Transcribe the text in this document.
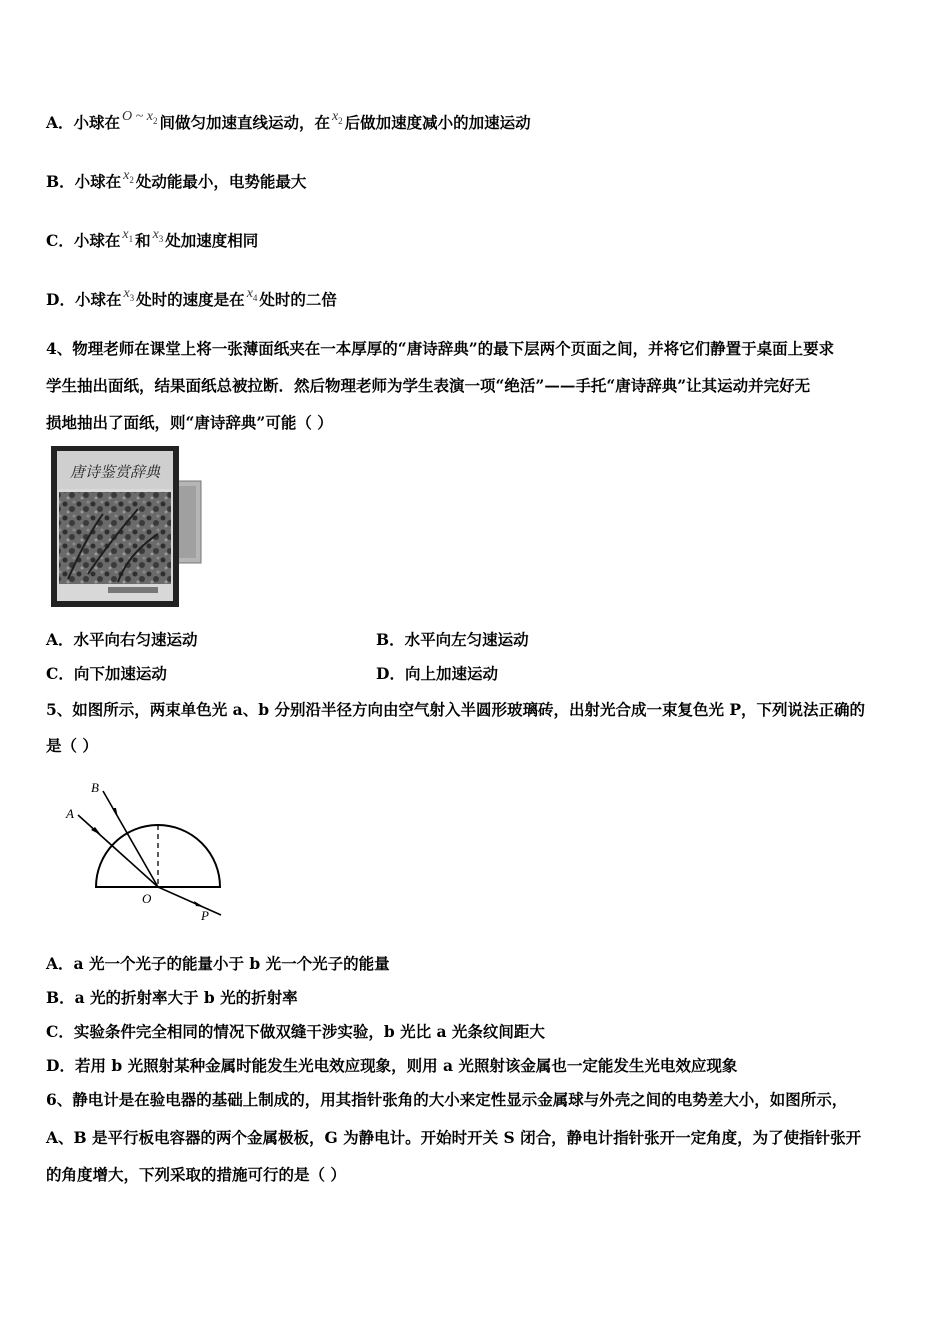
A．小球在 O ~ $x_2$ 间做匀加速直线运动，在 $x_2$ 后做加速度减小的加速运动
B．小球在 $x_2$ 处动能最小，电势能最大
C．小球在 $x_1$ 和 $x_3$ 处加速度相同
D．小球在 $x_3$ 处时的速度是在 $x_4$ 处时的二倍
4、物理老师在课堂上将一张薄面纸夹在一本厚厚的“唐诗辞典”的最下层两个页面之间，并将它们静置于桌面上要求
学生抽出面纸，结果面纸总被拉断．然后物理老师为学生表演一项“绝活”——手托“唐诗辞典”让其运动并完好无
损地抽出了面纸，则“唐诗辞典”可能（ ）
唐诗鉴赏辞典
A．水平向右匀速运动	B．水平向左匀速运动
C．向下加速运动	D．向上加速运动
5、如图所示，两束单色光 a、b 分别沿半径方向由空气射入半圆形玻璃砖，出射光合成一束复色光 P，下列说法正确的
是（ ）
A
B
O
P
A．a 光一个光子的能量小于 b 光一个光子的能量
B．a 光的折射率大于 b 光的折射率
C．实验条件完全相同的情况下做双缝干涉实验，b 光比 a 光条纹间距大
D．若用 b 光照射某种金属时能发生光电效应现象，则用 a 光照射该金属也一定能发生光电效应现象
6、静电计是在验电器的基础上制成的，用其指针张角的大小来定性显示金属球与外壳之间的电势差大小，如图所示，
A、B 是平行板电容器的两个金属极板，G 为静电计。开始时开关 S 闭合，静电计指针张开一定角度，为了使指针张开
的角度增大，下列采取的措施可行的是（ ）
